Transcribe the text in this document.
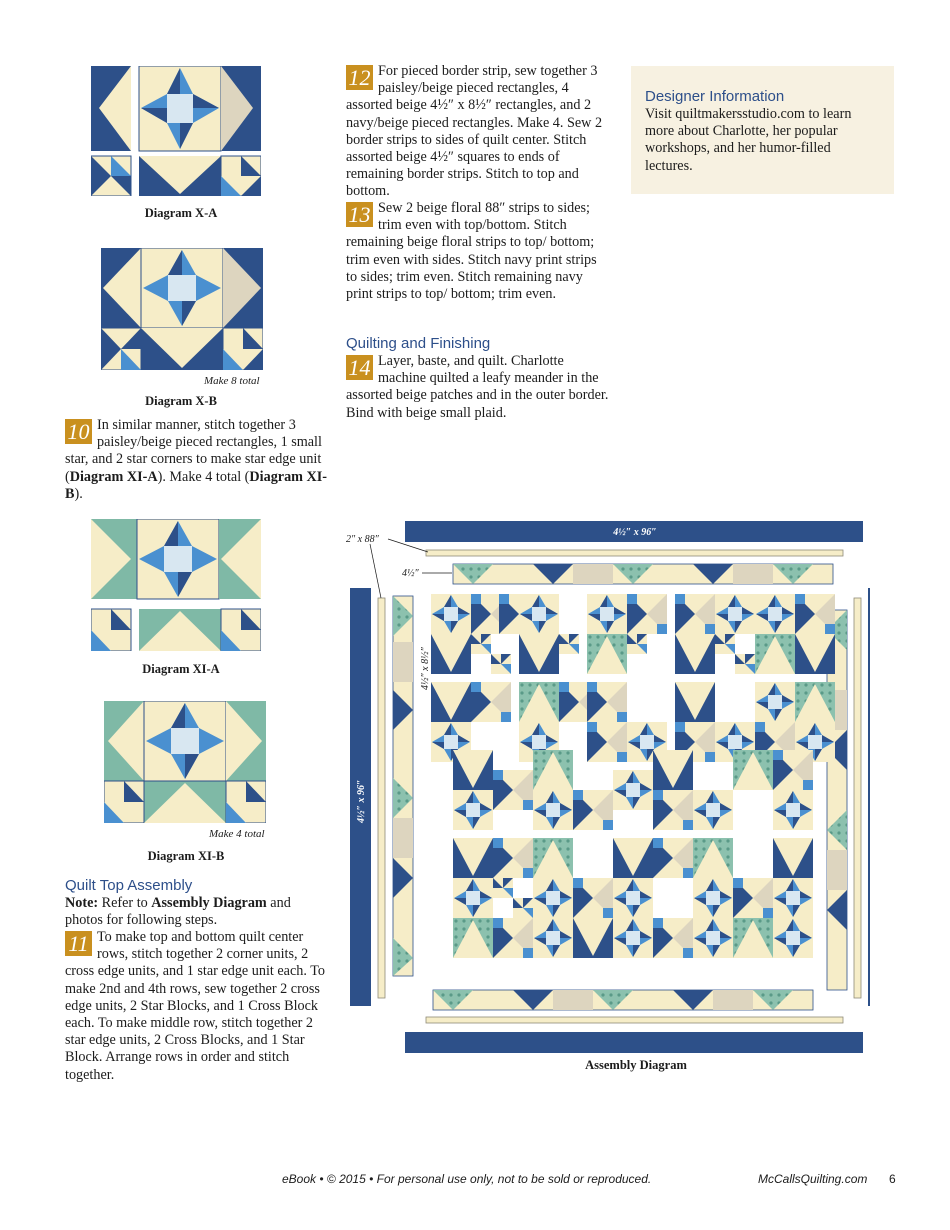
Diagram X-A
Make 8 total
Diagram X-B
10 In similar manner, stitch together 3 paisley/beige pieced rectangles, 1 small star, and 2 star corners to make star edge unit (Diagram XI-A). Make 4 total (Diagram XI-B).
Diagram XI-A
Make 4 total
Diagram XI-B
Quilt Top Assembly
Note: Refer to Assembly Diagram and photos for following steps.
11 To make top and bottom quilt center rows, stitch together 2 corner units, 2 cross edge units, and 1 star edge unit each. To make 2nd and 4th rows, sew together 2 cross edge units, 2 Star Blocks, and 1 Cross Block each. To make middle row, stitch together 2 star edge units, 2 Cross Blocks, and 1 Star Block. Arrange rows in order and stitch together.
12 For pieced border strip, sew together 3 paisley/beige pieced rectangles, 4 assorted beige 4½″ x 8½″ rectangles, and 2 navy/beige pieced rectangles. Make 4. Sew 2 border strips to sides of quilt center. Stitch assorted beige 4½″ squares to ends of remaining border strips. Stitch to top and bottom.
13 Sew 2 beige floral 88″ strips to sides; trim even with top/bottom. Stitch remaining beige floral strips to top/ bottom; trim even with sides. Stitch navy print strips to sides; trim even. Stitch remaining navy print strips to top/ bottom; trim even.
Quilting and Finishing
14 Layer, baste, and quilt. Charlotte machine quilted a leafy meander in the assorted beige patches and in the outer border. Bind with beige small plaid.
Designer Information
Visit quiltmakersstudio.com to learn more about Charlotte, her popular workshops, and her humor-filled lectures.
4½″ x 96″
2″ x 88″
4½″
4½″ x 8½″
4½″ x 96″
Assembly Diagram
eBook • © 2015 • For personal use only, not to be sold or reproduced.	McCallsQuilting.com 6
